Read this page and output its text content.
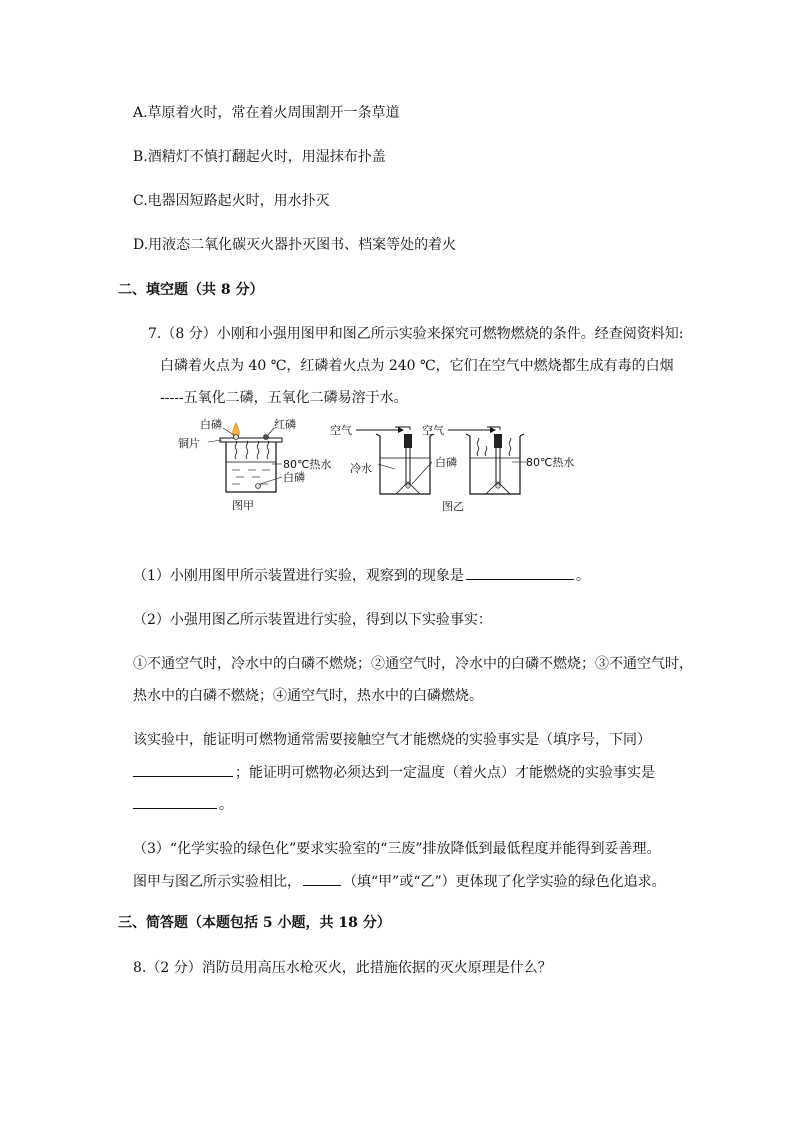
A.草原着火时，常在着火周围割开一条草道
B.酒精灯不慎打翻起火时，用湿抹布扑盖
C.电器因短路起火时，用水扑灭
D.用液态二氧化碳灭火器扑灭图书、档案等处的着火
二、填空题（共 8 分）
7.（8 分）小刚和小强用图甲和图乙所示实验来探究可燃物燃烧的条件。经查阅资料知:
白磷着火点为 40 ℃，红磷着火点为 240 ℃，它们在空气中燃烧都生成有毒的白烟
-----五氧化二磷，五氧化二磷易溶于水。
白磷	红磷
铜片
80℃热水
白磷
图甲
空气
冷水	白磷
空气
80℃热水
图乙
（1）小刚用图甲所示装置进行实验，观察到的现象是	。
（2）小强用图乙所示装置进行实验，得到以下实验事实：
①不通空气时，冷水中的白磷不燃烧；②通空气时，冷水中的白磷不燃烧；③不通空气时，
热水中的白磷不燃烧；④通空气时，热水中的白磷燃烧。
该实验中，能证明可燃物通常需要接触空气才能燃烧的实验事实是（填序号，下同）
；能证明可燃物必须达到一定温度（着火点）才能燃烧的实验事实是
。
（3）“化学实验的绿色化”要求实验室的“三废”排放降低到最低程度并能得到妥善理。
图甲与图乙所示实验相比，	（填“甲”或“乙”）更体现了化学实验的绿色化追求。
三、简答题（本题包括 5 小题，共 18 分）
8.（2 分）消防员用高压水枪灭火，此措施依据的灭火原理是什么？
